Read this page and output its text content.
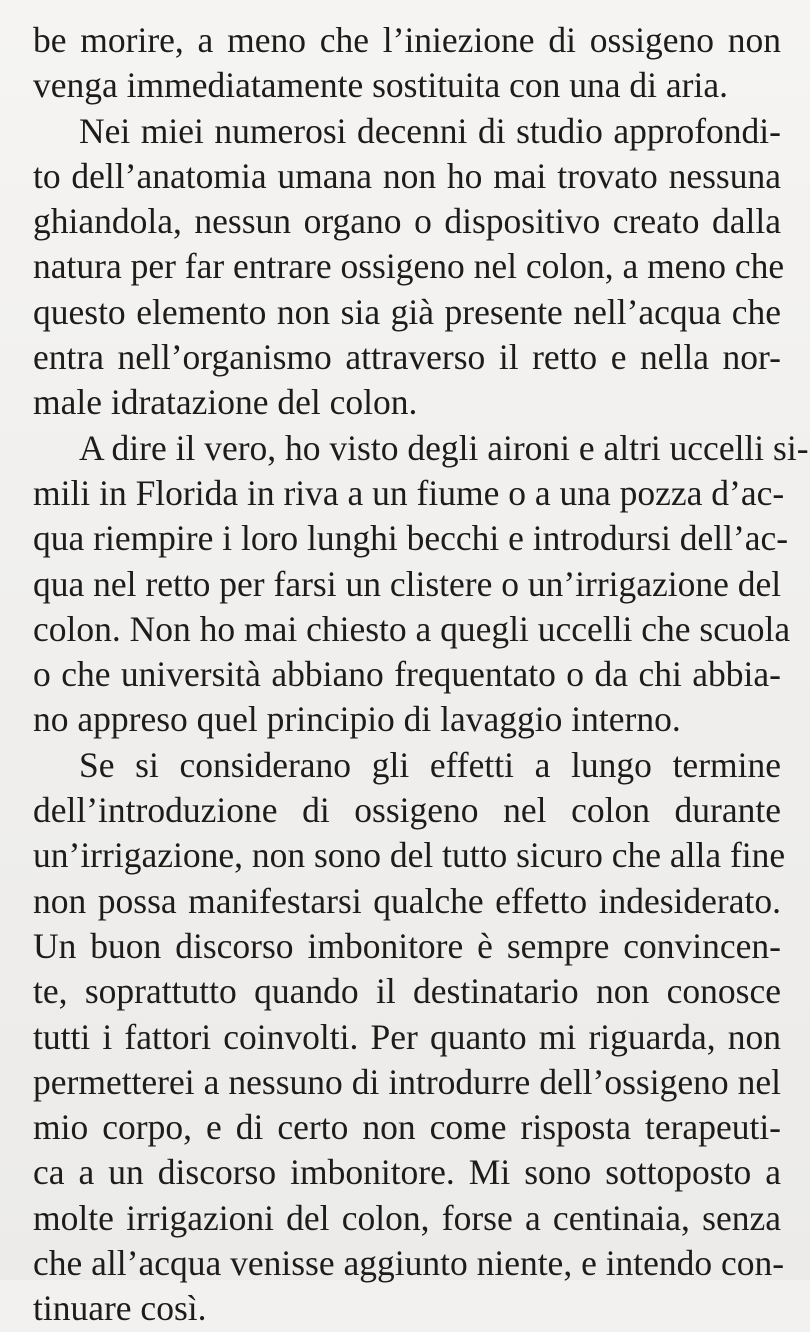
be morire, a meno che l’iniezione di ossigeno non
venga immediatamente sostituita con una di aria.
Nei miei numerosi decenni di studio approfondi-
to dell’anatomia umana non ho mai trovato nessuna
ghiandola, nessun organo o dispositivo creato dalla
natura per far entrare ossigeno nel colon, a meno che
questo elemento non sia già presente nell’acqua che
entra nell’organismo attraverso il retto e nella nor-
male idratazione del colon.
A dire il vero, ho visto degli aironi e altri uccelli si-
mili in Florida in riva a un fiume o a una pozza d’ac-
qua riempire i loro lunghi becchi e introdursi dell’ac-
qua nel retto per farsi un clistere o un’irrigazione del
colon. Non ho mai chiesto a quegli uccelli che scuola
o che università abbiano frequentato o da chi abbia-
no appreso quel principio di lavaggio interno.
Se si considerano gli effetti a lungo termine
dell’introduzione di ossigeno nel colon durante
un’irrigazione, non sono del tutto sicuro che alla fine
non possa manifestarsi qualche effetto indesiderato.
Un buon discorso imbonitore è sempre convincen-
te, soprattutto quando il destinatario non conosce
tutti i fattori coinvolti. Per quanto mi riguarda, non
permetterei a nessuno di introdurre dell’ossigeno nel
mio corpo, e di certo non come risposta terapeuti-
ca a un discorso imbonitore. Mi sono sottoposto a
molte irrigazioni del colon, forse a centinaia, senza
che all’acqua venisse aggiunto niente, e intendo con-
tinuare così.
